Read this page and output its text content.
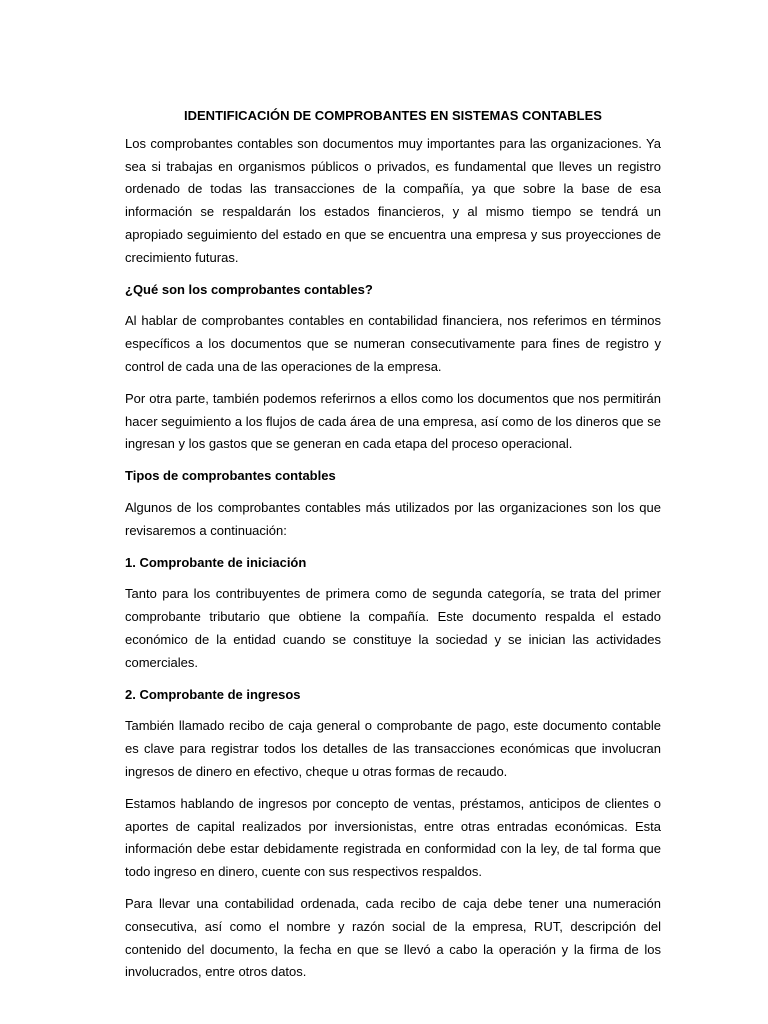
IDENTIFICACIÓN DE COMPROBANTES EN SISTEMAS CONTABLES

Los comprobantes contables son documentos muy importantes para las organizaciones. Ya sea si trabajas en organismos públicos o privados, es fundamental que lleves un registro ordenado de todas las transacciones de la compañía, ya que sobre la base de esa información se respaldarán los estados financieros, y al mismo tiempo se tendrá un apropiado seguimiento del estado en que se encuentra una empresa y sus proyecciones de crecimiento futuras.

¿Qué son los comprobantes contables?

Al hablar de comprobantes contables en contabilidad financiera, nos referimos en términos específicos a los documentos que se numeran consecutivamente para fines de registro y control de cada una de las operaciones de la empresa.

Por otra parte, también podemos referirnos a ellos como los documentos que nos permitirán hacer seguimiento a los flujos de cada área de una empresa, así como de los dineros que se ingresan y los gastos que se generan en cada etapa del proceso operacional.

Tipos de comprobantes contables

Algunos de los comprobantes contables más utilizados por las organizaciones son los que revisaremos a continuación:

1. Comprobante de iniciación

Tanto para los contribuyentes de primera como de segunda categoría, se trata del primer comprobante tributario que obtiene la compañía. Este documento respalda el estado económico de la entidad cuando se constituye la sociedad y se inician las actividades comerciales.

2. Comprobante de ingresos

También llamado recibo de caja general o comprobante de pago, este documento contable es clave para registrar todos los detalles de las transacciones económicas que involucran ingresos de dinero en efectivo, cheque u otras formas de recaudo.

Estamos hablando de ingresos por concepto de ventas, préstamos, anticipos de clientes o aportes de capital realizados por inversionistas, entre otras entradas económicas. Esta información debe estar debidamente registrada en conformidad con la ley, de tal forma que todo ingreso en dinero, cuente con sus respectivos respaldos.

Para llevar una contabilidad ordenada, cada recibo de caja debe tener una numeración consecutiva, así como el nombre y razón social de la empresa, RUT, descripción del contenido del documento, la fecha en que se llevó a cabo la operación y la firma de los involucrados, entre otros datos.
